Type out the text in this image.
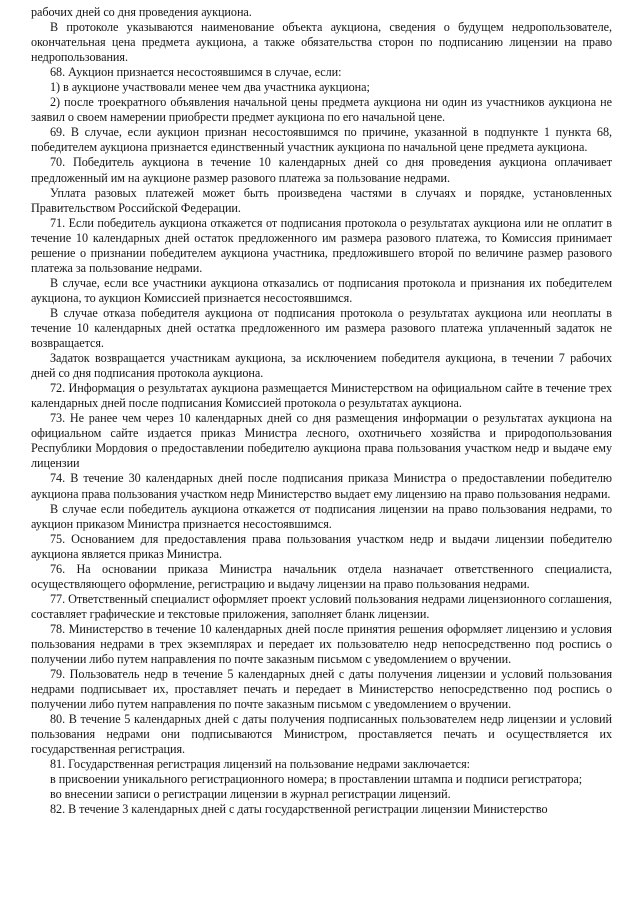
рабочих дней со дня проведения аукциона.

В протоколе указываются наименование объекта аукциона, сведения о будущем недропользователе, окончательная цена предмета аукциона, а также обязательства сторон по подписанию лицензии на право недропользования.

68. Аукцион признается несостоявшимся в случае, если:

1) в аукционе участвовали менее чем два участника аукциона;

2) после троекратного объявления начальной цены предмета аукциона ни один из участников аукциона не заявил о своем намерении приобрести предмет аукциона по его начальной цене.

69. В случае, если аукцион признан несостоявшимся по причине, указанной в подпункте 1 пункта 68, победителем аукциона признается единственный участник аукциона по начальной цене предмета аукциона.

70. Победитель аукциона в течение 10 календарных дней со дня проведения аукциона оплачивает предложенный им на аукционе размер разового платежа за пользование недрами.

Уплата разовых платежей может быть произведена частями в случаях и порядке, установленных Правительством Российской Федерации.

71. Если победитель аукциона откажется от подписания протокола о результатах аукциона или не оплатит в течение 10 календарных дней остаток предложенного им размера разового платежа, то Комиссия принимает решение о признании победителем аукциона участника, предложившего второй по величине размер разового платежа за пользование недрами.

В случае, если все участники аукциона отказались от подписания протокола и признания их победителем аукциона, то аукцион Комиссией признается несостоявшимся.

В случае отказа победителя аукциона от подписания протокола о результатах аукциона или неоплаты в течение 10 календарных дней остатка предложенного им размера разового платежа уплаченный задаток не возвращается.

Задаток возвращается участникам аукциона, за исключением победителя аукциона, в течении 7 рабочих дней со дня подписания протокола аукциона.

72. Информация о результатах аукциона размещается Министерством на официальном сайте в течение трех календарных дней после подписания Комиссией протокола о результатах аукциона.

73. Не ранее чем через 10 календарных дней со дня размещения информации о результатах аукциона на официальном сайте издается приказ Министра лесного, охотничьего хозяйства и природопользования Республики Мордовия о предоставлении победителю аукциона права пользования участком недр и выдаче ему лицензии

74. В течение 30 календарных дней после подписания приказа Министра о предоставлении победителю аукциона права пользования участком недр Министерство выдает ему лицензию на право пользования недрами.

В случае если победитель аукциона откажется от подписания лицензии на право пользования недрами, то аукцион приказом Министра признается несостоявшимся.

75. Основанием для предоставления права пользования участком недр и выдачи лицензии победителю аукциона является приказ Министра.

76. На основании приказа Министра начальник отдела назначает ответственного специалиста, осуществляющего оформление, регистрацию и выдачу лицензии на право пользования недрами.

77. Ответственный специалист оформляет проект условий пользования недрами лицензионного соглашения, составляет графические и текстовые приложения, заполняет бланк лицензии.

78. Министерство в течение 10 календарных дней после принятия решения оформляет лицензию и условия пользования недрами в трех экземплярах и передает их пользователю недр непосредственно под роспись о получении либо путем направления по почте заказным письмом с уведомлением о вручении.

79. Пользователь недр в течение 5 календарных дней с даты получения лицензии и условий пользования недрами подписывает их, проставляет печать и передает в Министерство непосредственно под роспись о получении либо путем направления по почте заказным письмом с уведомлением о вручении.

80. В течение 5 календарных дней с даты получения подписанных пользователем недр лицензии и условий пользования недрами они подписываются Министром, проставляется печать и осуществляется их государственная регистрация.

81. Государственная регистрация лицензий на пользование недрами заключается:

в присвоении уникального регистрационного номера; в проставлении штампа и подписи регистратора;

во внесении записи о регистрации лицензии в журнал регистрации лицензий.

82. В течение 3 календарных дней с даты государственной регистрации лицензии Министерство
